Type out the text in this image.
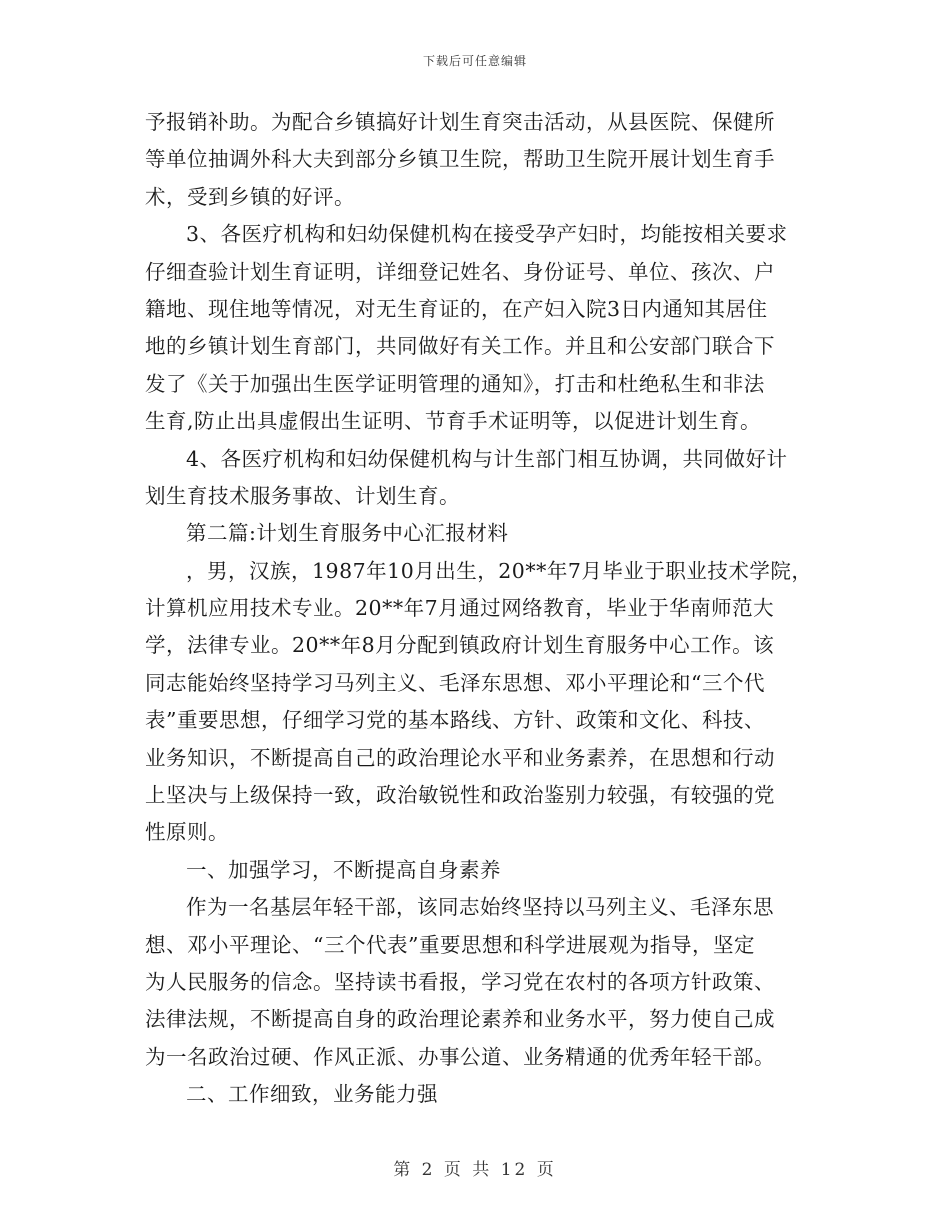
下载后可任意编辑
予报销补助。为配合乡镇搞好计划生育突击活动，从县医院、保健所
等单位抽调外科大夫到部分乡镇卫生院，帮助卫生院开展计划生育手
术，受到乡镇的好评。
3、各医疗机构和妇幼保健机构在接受孕产妇时，均能按相关要求
仔细查验计划生育证明，详细登记姓名、身份证号、单位、孩次、户
籍地、现住地等情况，对无生育证的，在产妇入院3日内通知其居住
地的乡镇计划生育部门，共同做好有关工作。并且和公安部门联合下
发了《关于加强出生医学证明管理的通知》，打击和杜绝私生和非法
生育,防止出具虚假出生证明、节育手术证明等，以促进计划生育。
4、各医疗机构和妇幼保健机构与计生部门相互协调，共同做好计
划生育技术服务事故、计划生育。
第二篇:计划生育服务中心汇报材料
，男，汉族，1987年10月出生，20**年7月毕业于职业技术学院，
计算机应用技术专业。20**年7月通过网络教育，毕业于华南师范大
学，法律专业。20**年8月分配到镇政府计划生育服务中心工作。该
同志能始终坚持学习马列主义、毛泽东思想、邓小平理论和“三个代
表”重要思想，仔细学习党的基本路线、方针、政策和文化、科技、
业务知识，不断提高自己的政治理论水平和业务素养，在思想和行动
上坚决与上级保持一致，政治敏锐性和政治鉴别力较强，有较强的党
性原则。
一、加强学习，不断提高自身素养
作为一名基层年轻干部，该同志始终坚持以马列主义、毛泽东思
想、邓小平理论、“三个代表”重要思想和科学进展观为指导，坚定
为人民服务的信念。坚持读书看报，学习党在农村的各项方针政策、
法律法规，不断提高自身的政治理论素养和业务水平，努力使自己成
为一名政治过硬、作风正派、办事公道、业务精通的优秀年轻干部。
二、工作细致，业务能力强
第 2 页 共 12 页
